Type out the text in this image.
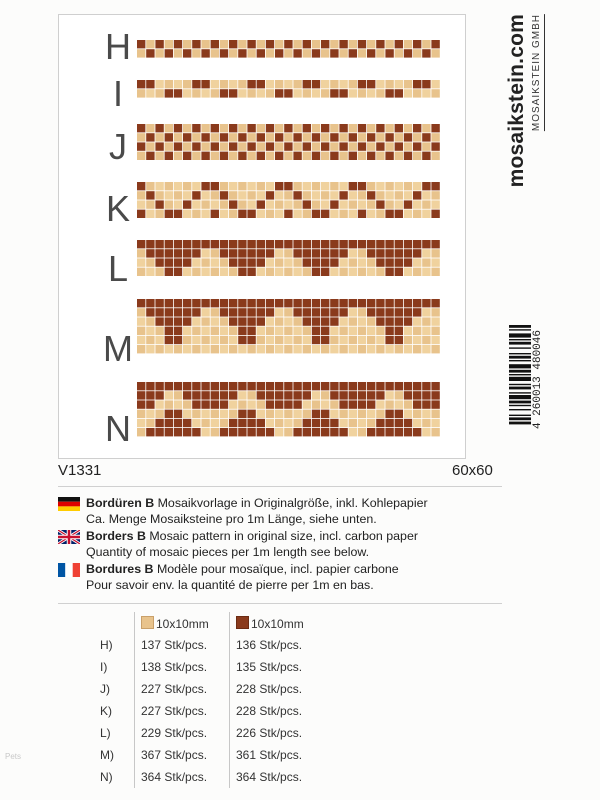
H
I
J
K
L
M
N
mosaikstein.com MOSAIKSTEIN GMBH
4 260013 480046
V1331	60x60
Bordüren B Mosaikvorlage in Originalgröße, inkl. Kohlepapier
Ca. Menge Mosaiksteine pro 1m Länge, siehe unten.
Borders B Mosaic pattern in original size, incl. carbon paper
Quantity of mosaic pieces per 1m length see below.
Bordures B Modèle pour mosaïque, incl. papier carbone
Pour savoir env. la quantité de pierre per 1m en bas.
	10x10mm	10x10mm
H)	137 Stk/pcs.	136 Stk/pcs.
I)	138 Stk/pcs.	135 Stk/pcs.
J)	227 Stk/pcs.	228 Stk/pcs.
K)	227 Stk/pcs.	228 Stk/pcs.
L)	229 Stk/pcs.	226 Stk/pcs.
M)	367 Stk/pcs.	361 Stk/pcs.
N)	364 Stk/pcs.	364 Stk/pcs.
Pets
